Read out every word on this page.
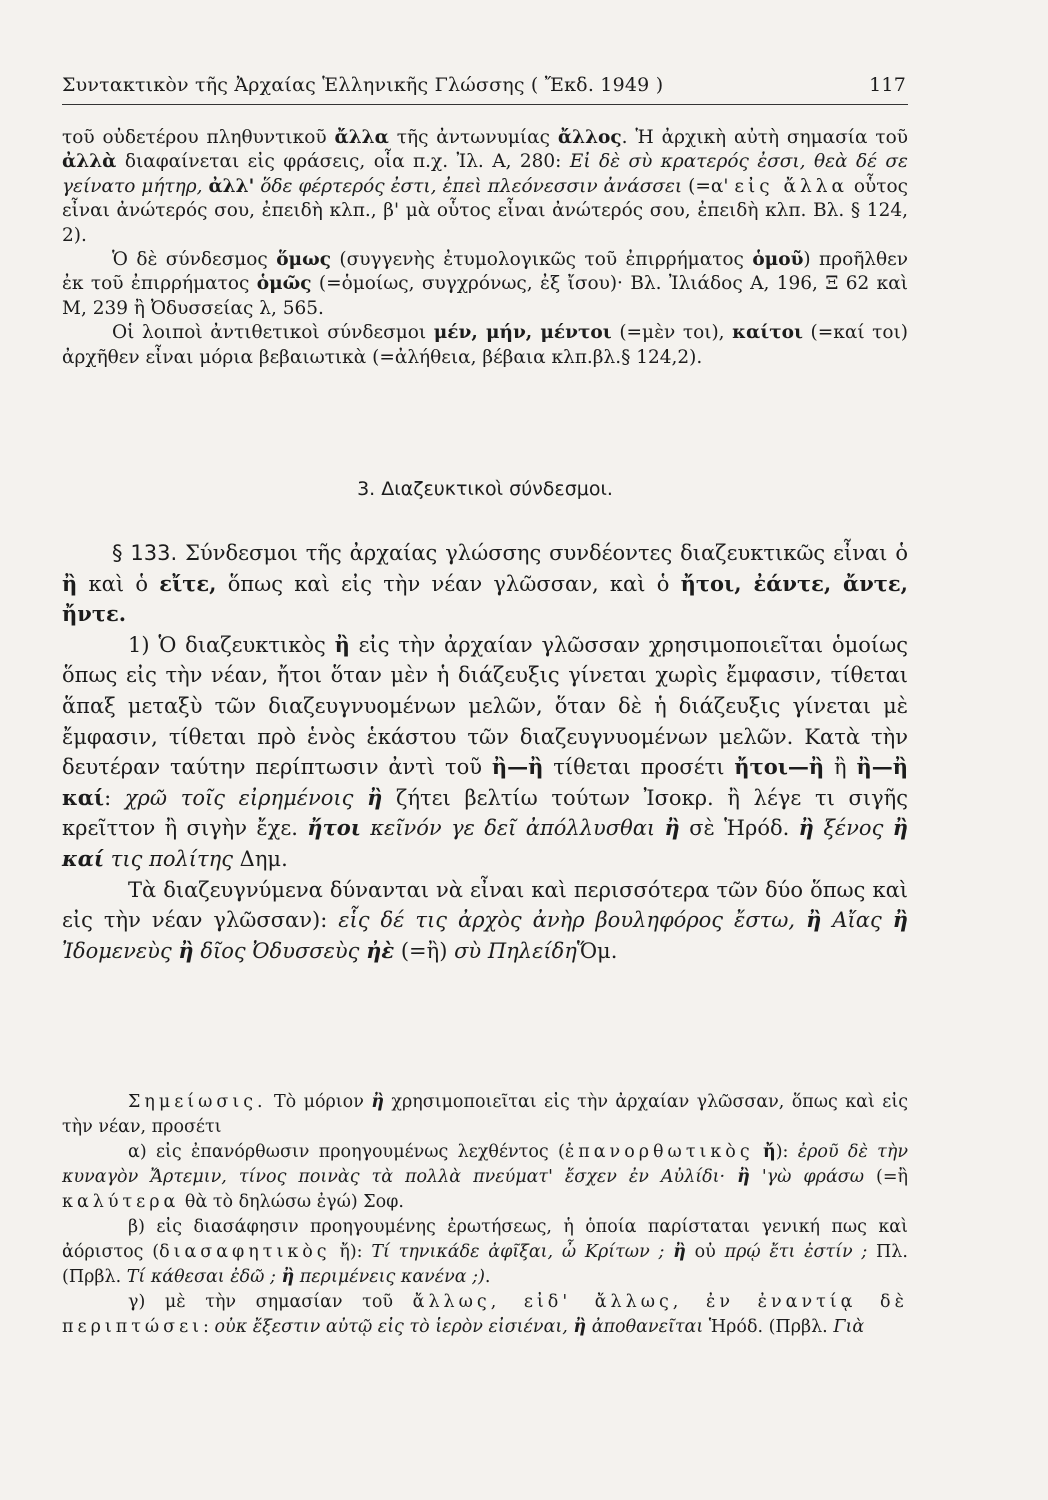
Συντακτικὸν τῆς Ἀρχαίας Ἑλληνικῆς Γλώσσης ( Ἔκδ. 1949 )	117

τοῦ οὐδετέρου πληθυντικοῦ ἄλλα τῆς ἀντωνυμίας ἄλλος. Ἡ ἀρχικὴ αὐτὴ σημασία τοῦ ἀλλὰ διαφαίνεται εἰς φράσεις, οἷα π.χ. Ἰλ. Α, 280: Εἰ δὲ σὺ κρατερός ἐσσι, θεὰ δέ σε γείνατο μήτηρ, ἀλλ' ὅδε φέρτερός ἐστι, ἐπεὶ πλεόνεσσιν ἀνάσσει (=α' εἰς ἄλλα οὗτος εἶναι ἀνώτερός σου, ἐπειδὴ κλπ., β' μὰ οὗτος εἶναι ἀνώτερός σου, ἐπειδὴ κλπ. Βλ. § 124, 2).

Ὁ δὲ σύνδεσμος ὅμως (συγγενὴς ἐτυμολογικῶς τοῦ ἐπιρρήματος ὁμοῦ) προῆλθεν ἐκ τοῦ ἐπιρρήματος ὁμῶς (=ὁμοίως, συγχρόνως, ἐξ ἴσου)· Βλ. Ἰλιάδος Α, 196, Ξ 62 καὶ Μ, 239 ἢ Ὀδυσσείας λ, 565.

Οἱ λοιποὶ ἀντιθετικοὶ σύνδεσμοι μέν, μήν, μέντοι (=μὲν τοι), καίτοι (=καί τοι) ἀρχῆθεν εἶναι μόρια βεβαιωτικὰ (=ἀλήθεια, βέβαια κλπ.βλ.§ 124,2).

3. Διαζευκτικοὶ σύνδεσμοι.

§ 133. Σύνδεσμοι τῆς ἀρχαίας γλώσσης συνδέοντες διαζευκτικῶς εἶναι ὁ ἢ καὶ ὁ εἴτε, ὅπως καὶ εἰς τὴν νέαν γλῶσσαν, καὶ ὁ ἤτοι, ἐάντε, ἄντε, ἤντε.

1) Ὁ διαζευκτικὸς ἢ εἰς τὴν ἀρχαίαν γλῶσσαν χρησιμοποιεῖται ὁμοίως ὅπως εἰς τὴν νέαν, ἤτοι ὅταν μὲν ἡ διάζευξις γίνεται χωρὶς ἔμφασιν, τίθεται ἅπαξ μεταξὺ τῶν διαζευγνυομένων μελῶν, ὅταν δὲ ἡ διάζευξις γίνεται μὲ ἔμφασιν, τίθεται πρὸ ἑνὸς ἑκάστου τῶν διαζευγνυομένων μελῶν. Κατὰ τὴν δευτέραν ταύτην περίπτωσιν ἀντὶ τοῦ ἢ—ἢ τίθεται προσέτι ἤτοι—ἢ ἢ ἢ—ἢ καί: χρῶ τοῖς εἰρημένοις ἢ ζήτει βελτίω τούτων Ἰσοκρ. ἢ λέγε τι σιγῆς κρεῖττον ἢ σιγὴν ἔχε. ἤτοι κεῖνόν γε δεῖ ἀπόλλυσθαι ἢ σὲ Ἡρόδ. ἢ ξένος ἢ καί τις πολίτης Δημ.

Τὰ διαζευγνύμενα δύνανται νὰ εἶναι καὶ περισσότερα τῶν δύο ὅπως καὶ εἰς τὴν νέαν γλῶσσαν): εἷς δέ τις ἀρχὸς ἀνὴρ βουληφόρος ἔστω, ἢ Αἴας ἢ Ἰδομενεὺς ἢ δῖος Ὀδυσσεὺς ἠὲ (=ἢ) σὺ ΠηλείδηὍμ.

Σημείωσις. Τὸ μόριον ἢ χρησιμοποιεῖται εἰς τὴν ἀρχαίαν γλῶσσαν, ὅπως καὶ εἰς τὴν νέαν, προσέτι

α) εἰς ἐπανόρθωσιν προηγουμένως λεχθέντος (ἐπανορθωτικὸς ἤ): ἐροῦ δὲ τὴν κυναγὸν Ἄρτεμιν, τίνος ποινὰς τὰ πολλὰ πνεύματ' ἔσχεν ἐν Αὐλίδι· ἢ 'γὼ φράσω (=ἢ καλύτερα θὰ τὸ δηλώσω ἐγώ) Σοφ.

β) εἰς διασάφησιν προηγουμένης ἐρωτήσεως, ἡ ὁποία παρίσταται γενική πως καὶ ἀόριστος (διασαφητικὸς ἤ): Τί τηνικάδε ἀφῖξαι, ὦ Κρίτων ; ἢ οὐ πρῴ ἔτι ἐστίν ; Πλ. (Πρβλ. Τί κάθεσαι ἐδῶ ; ἢ περιμένεις κανένα ;).

γ) μὲ τὴν σημασίαν τοῦ ἄλλως, εἰδ' ἄλλως, ἐν ἐναντίᾳ δὲ περιπτώσει: οὐκ ἔξεστιν αὐτῷ εἰς τὸ ἱερὸν εἰσιέναι, ἢ ἀποθανεῖται Ἡρόδ. (Πρβλ. Γιὰ
